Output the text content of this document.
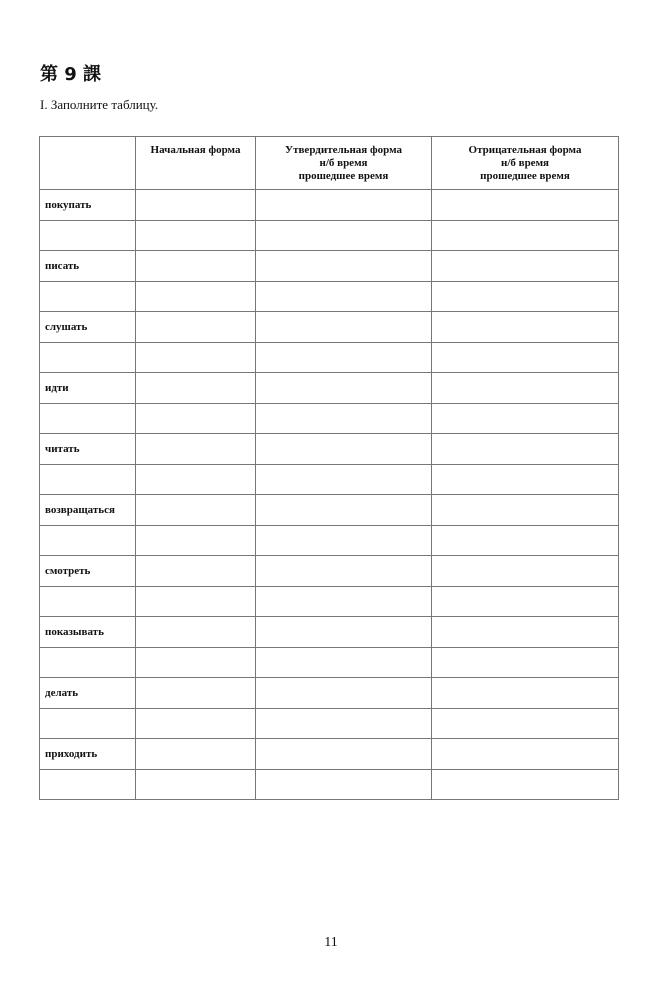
第 9 課
I. Заполните таблицу.

	Начальная форма	Утвердительная форма
н/б время
прошедшее время	Отрицательная форма
н/б время
прошедшее время

покупать			

писать			

слушать			

идти			

читать			

возвращаться			

смотреть			

показывать			

делать			

приходить			

11
